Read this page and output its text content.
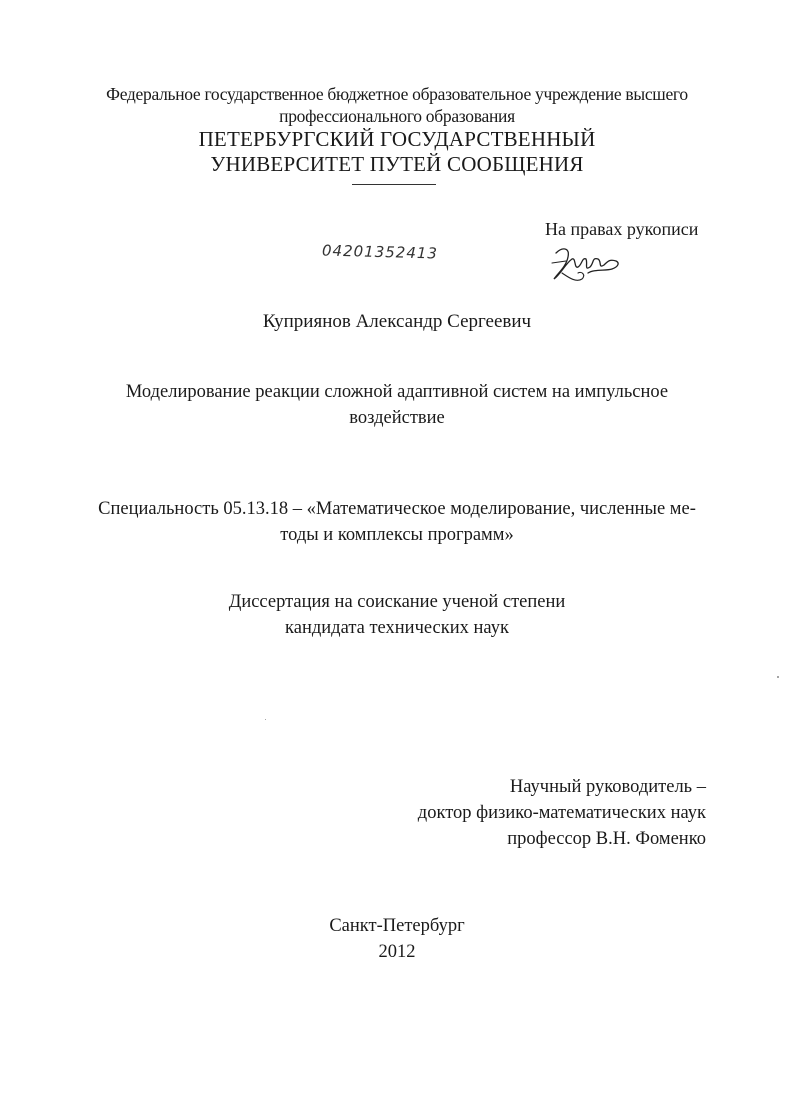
Федеральное государственное бюджетное образовательное учреждение высшего
профессионального образования
ПЕТЕРБУРГСКИЙ ГОСУДАРСТВЕННЫЙ
УНИВЕРСИТЕТ ПУТЕЙ СООБЩЕНИЯ
На правах рукописи
04201352413
Куприянов Александр Сергеевич
Моделирование реакции сложной адаптивной систем на импульсное
воздействие
Специальность 05.13.18 – «Математическое моделирование, численные ме-
тоды и комплексы программ»
Диссертация на соискание ученой степени
кандидата технических наук
Научный руководитель –
доктор физико-математических наук
профессор В.Н. Фоменко
Санкт-Петербург
2012
